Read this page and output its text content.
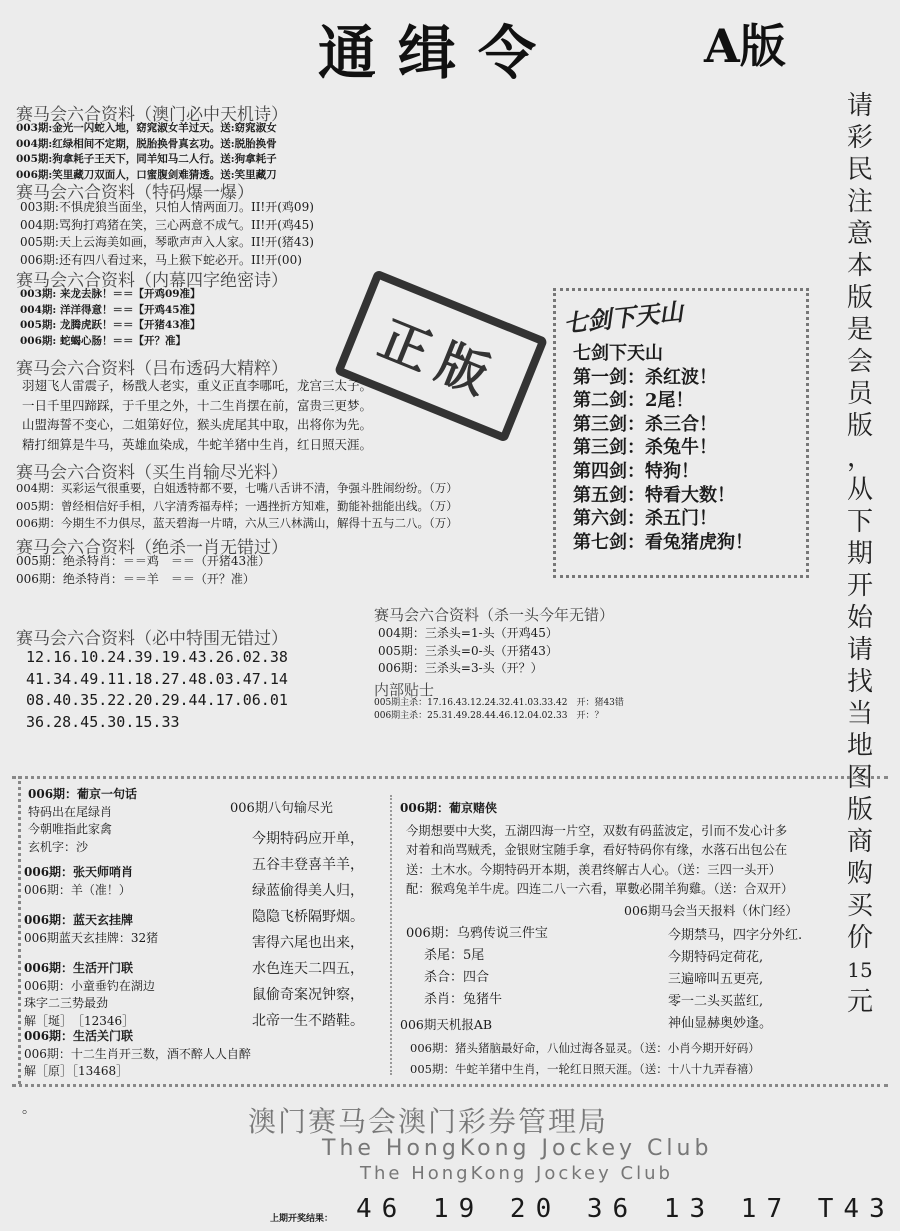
通缉令	A版
请
彩
民
注
意
本
版
是
会
员
版
，
从
下
期
开
始
请
找
当
地
图
版
商
购
买
价
15
元
赛马会六合资料（澳门必中天机诗）
003期:金光一闪蛇入地，窈窕淑女羊过天。送:窈窕淑女
004期:红绿相间不定期，脱胎换骨真玄功。送:脱胎换骨
005期:狗拿耗子王天下，同羊知马二人行。送:狗拿耗子
006期:笑里藏刀双面人，口蜜腹剑难猜透。送:笑里藏刀
赛马会六合资料（特码爆一爆）
003期:不惧虎狼当面坐，只怕人情两面刀。II!开(鸡09)
004期:骂狗打鸡猪在笑，三心两意不成气。II!开(鸡45)
005期:天上云海美如画，琴歌声声入人家。II!开(猪43)
006期:还有四八看过来，马上猴下蛇必开。II!开(00)
赛马会六合资料（内幕四字绝密诗）
003期: 来龙去脉！＝＝【开鸡09准】
004期: 洋洋得意！＝＝【开鸡45准】
005期: 龙腾虎跃！＝＝【开猪43准】
006期: 蛇蝎心肠！＝＝【开？准】	正版
赛马会六合资料（吕布透码大精粹）
羽翅飞人雷震子，杨戬人老实，重义正直李哪吒，龙宫三太子。
一日千里四蹄踩，于千里之外，十二生肖摆在前，富贵三更梦。
山盟海誓不变心，二姐第好位，猴头虎尾其中取，出将你为先。
精打细算是牛马，英雄血染成，牛蛇羊猪中生肖，红日照天涯。
赛马会六合资料（买生肖输尽光料）
004期：买彩运气很重要，白姐透特都不要，七嘴八舌讲不清，争强斗胜闹纷纷。（万）
005期：曾经相信好手相，八字清秀福寿样；一遇挫折方知难，勤能补拙能出线。（万）
006期：今期生不力俱尽，蓝天碧海一片晴，六从三八林满山，解得十五与二八。（万）
赛马会六合资料（绝杀一肖无错过）
005期：绝杀特肖：＝＝鸡　＝＝（开猪43准）
006期：绝杀特肖：＝＝羊　＝＝（开？准）
七剑下天山
七剑下天山
第一剑：杀红波！
第二剑：2尾！
第三剑：杀三合！
第三剑：杀兔牛！
第四剑：特狗！
第五剑：特看大数！
第六剑：杀五门！
第七剑：看兔猪虎狗！
赛马会六合资料（必中特围无错过）
12.16.10.24.39.19.43.26.02.38
41.34.49.11.18.27.48.03.47.14
08.40.35.22.20.29.44.17.06.01
36.28.45.30.15.33
赛马会六合资料（杀一头今年无错）
004期：三杀头=1-头（开鸡45）
005期：三杀头=0-头（开猪43）
006期：三杀头=3-头（开？）
内部贴士
005期主杀：17.16.43.12.24.32.41.03.33.42　开：猪43错
006期主杀：25.31.49.28.44.46.12.04.02.33　开：？
006期：葡京一句话
特码出在尾绿肖
今朝唯指此家禽
玄机字：沙
006期：张天师哨肖
006期：羊（准！）
006期：蓝天玄挂牌
006期蓝天玄挂牌：32猪
006期：生活开门联
006期：小童垂钓在湖边
珠字二三势最劲
解［埏］　［12346］
006期：生活关门联
006期：十二生肖开三数，酒不醉人人自醉
解［原］［13468］
006期八句输尽光
今期特码应开单，
五谷丰登喜羊羊，
绿蓝偷得美人归，
隐隐飞桥隔野烟。
害得六尾也出来，
水色连天二四五，
鼠偷奇案况钟察，
北帝一生不踏鞋。
006期：葡京赌侠
今期想要中大奖，五湖四海一片空，双数有码蓝波定，引而不发心计多
对着和尚骂贼秃，金银财宝随手拿，看好特码你有缘，水落石出包公在
送：土木水。今期特码开本期，羡君终解古人心。（送：三四一头开）
配：猴鸡兔羊牛虎。四连二八一六看，單數必開羊狗雞。（送：合双开）
006期：乌鸦传说三件宝
杀尾：5尾
杀合：四合
杀肖：兔猪牛
006期马会当天报料（休门经）
今期禁马，四字分外红.
今期特码定荷花,
三遍啼叫五更亮,
零一二头买蓝红,
神仙显赫奥妙逢。
006期天机报AB
006期：猪头猪脑最好命，八仙过海各显灵。（送：小肖今期开好码）
005期：牛蛇羊猪中生肖，一轮红日照天涯。（送：十八十九弄春禧）
。	澳门赛马会澳门彩券管理局
The HongKong Jockey Club
The HongKong Jockey Club
上期开奖结果： 46 19 20 36 13 17 T43
